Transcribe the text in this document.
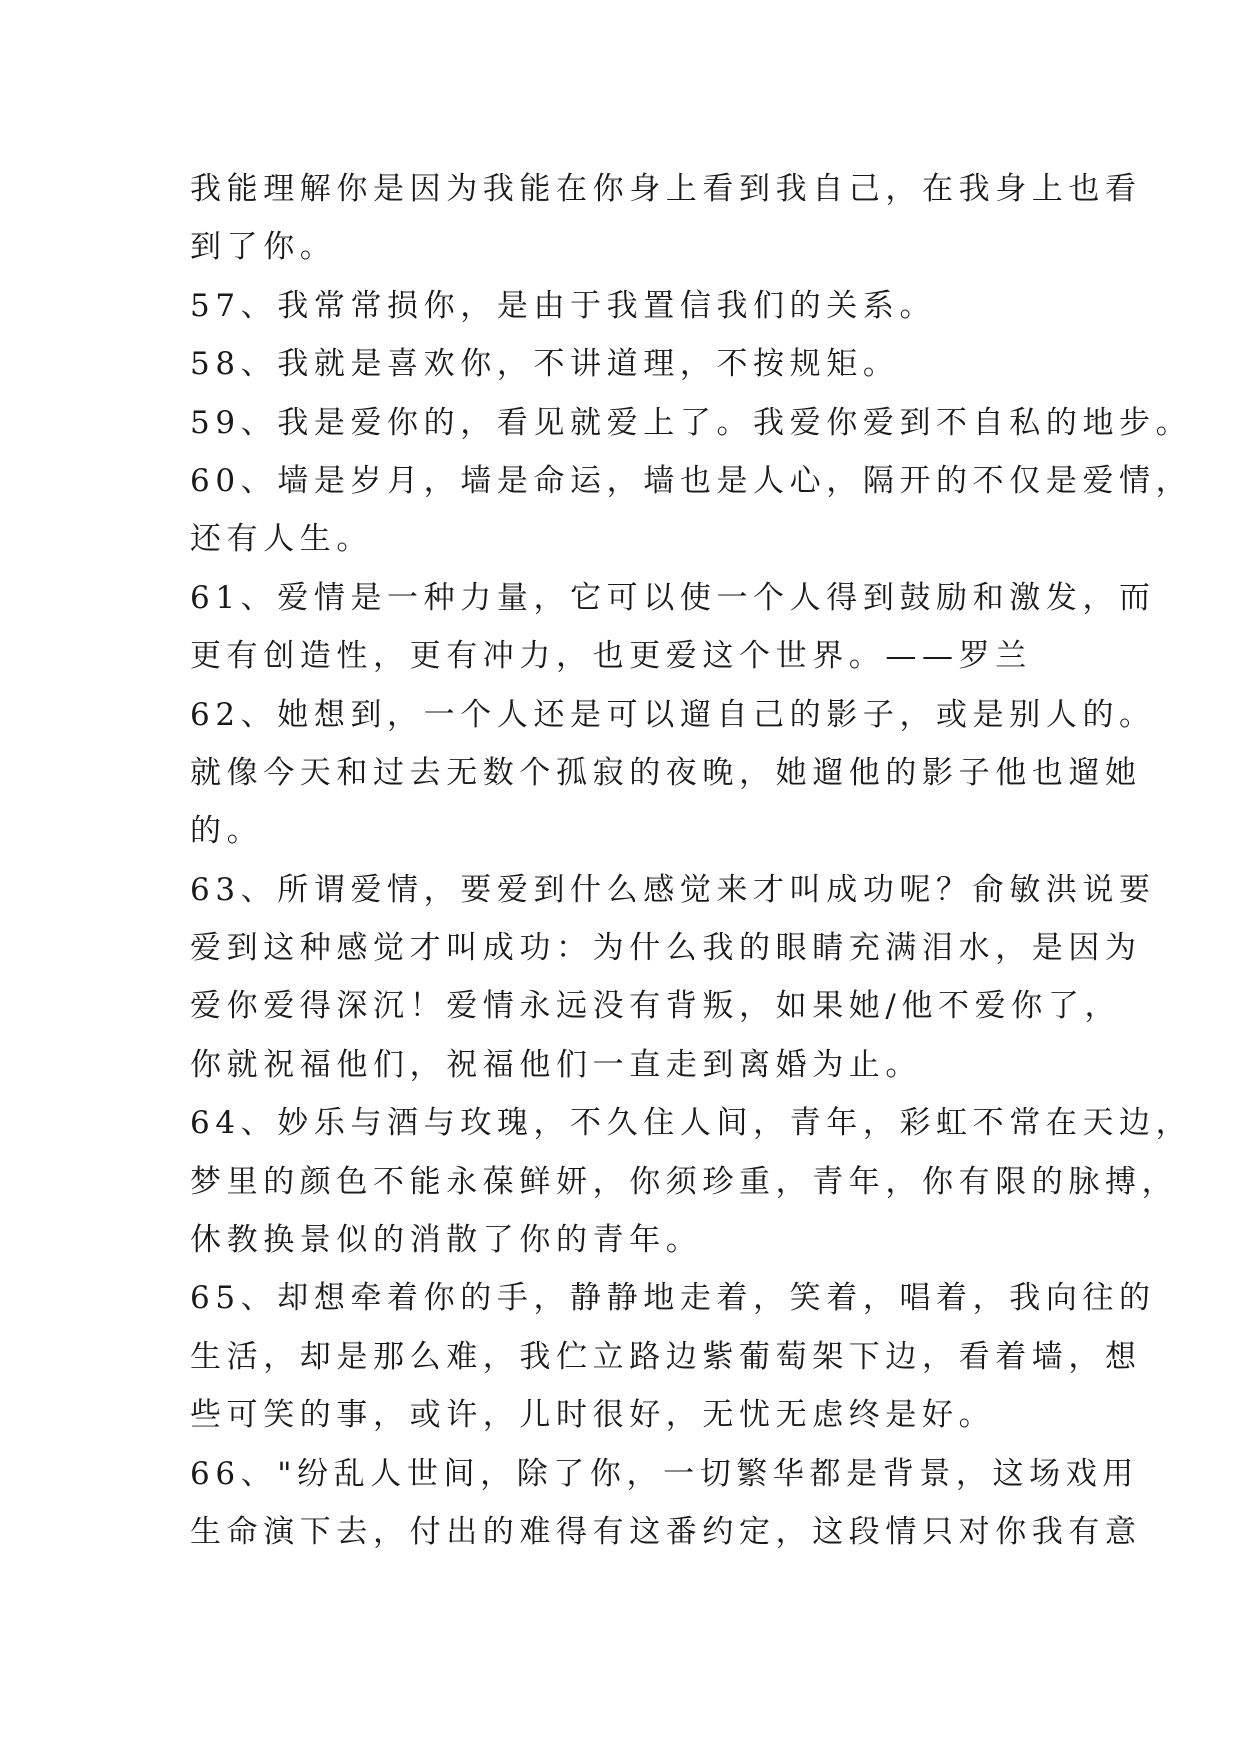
我能理解你是因为我能在你身上看到我自己，在我身上也看
到了你。
57、我常常损你，是由于我置信我们的关系。
58、我就是喜欢你，不讲道理，不按规矩。
59、我是爱你的，看见就爱上了。我爱你爱到不自私的地步。
60、墙是岁月，墙是命运，墙也是人心，隔开的不仅是爱情，
还有人生。
61、爱情是一种力量，它可以使一个人得到鼓励和激发，而
更有创造性，更有冲力，也更爱这个世界。——罗兰
62、她想到，一个人还是可以遛自己的影子，或是别人的。
就像今天和过去无数个孤寂的夜晚，她遛他的影子他也遛她
的。
63、所谓爱情，要爱到什么感觉来才叫成功呢？俞敏洪说要
爱到这种感觉才叫成功：为什么我的眼睛充满泪水，是因为
爱你爱得深沉！爱情永远没有背叛，如果她/他不爱你了，
你就祝福他们，祝福他们一直走到离婚为止。
64、妙乐与酒与玫瑰，不久住人间，青年，彩虹不常在天边，
梦里的颜色不能永葆鲜妍，你须珍重，青年，你有限的脉搏，
休教换景似的消散了你的青年。
65、却想牵着你的手，静静地走着，笑着，唱着，我向往的
生活，却是那么难，我伫立路边紫葡萄架下边，看着墙，想
些可笑的事，或许，儿时很好，无忧无虑终是好。
66、"纷乱人世间，除了你，一切繁华都是背景，这场戏用
生命演下去，付出的难得有这番约定，这段情只对你我有意
